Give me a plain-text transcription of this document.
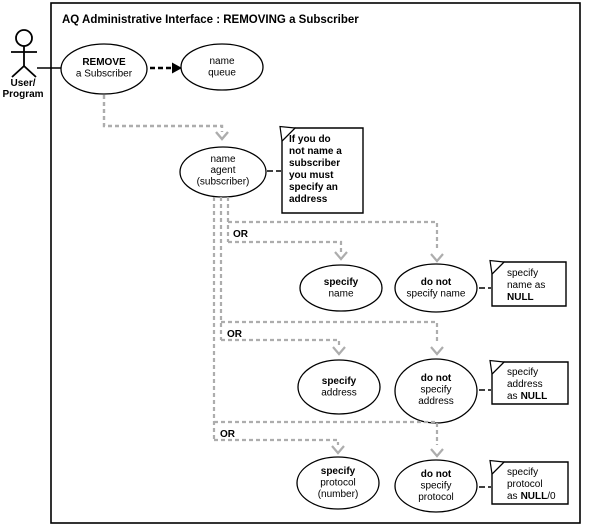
AQ Administrative Interface : REMOVING a Subscriber
User/
Program
REMOVE
a Subscriber
name
queue
name
agent
(subscriber)
If you do
not name a
subscriber
you must
specify an
address
OR
specify
name
do not
specify name
specify
name as
NULL
OR
specify
address
do not
specify
address
specify
address
as NULL
OR
specify
protocol
(number)
do not
specify
protocol
specify
protocol
as NULL/0
